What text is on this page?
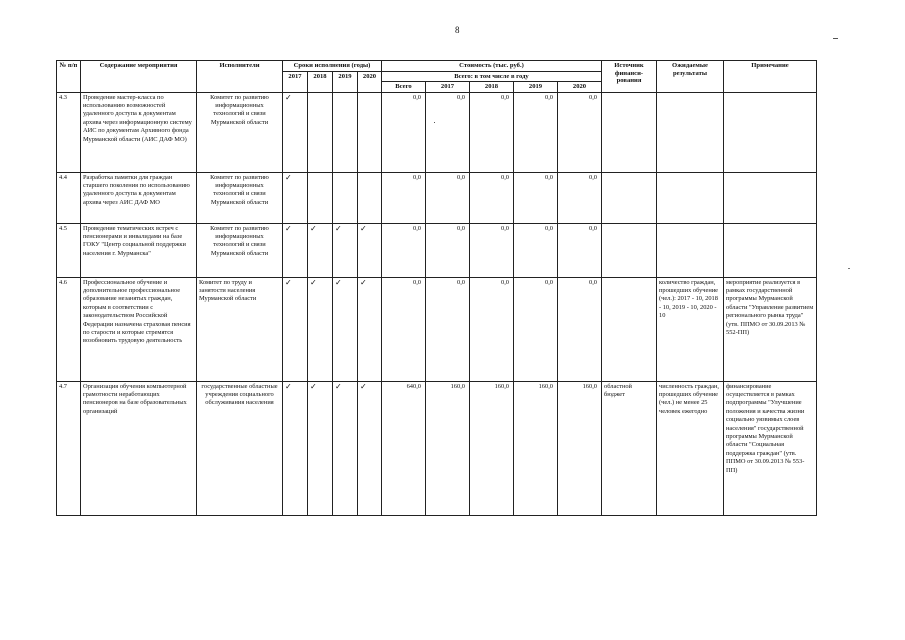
8
№ п/п	Содержание мероприятия	Исполнители	Сроки исполнения (годы)				Стоимость (тыс. руб.)					Источник финанси-рования	Ожидаемые результаты	Примечание
			2017	2018	2019	2020	Всего: в том числе в году							
							Всего	2017	2018	2019	2020			
4.3	Проведение мастер-класса по использованию возможностей удаленного доступа к документам архива через информационную систему АИС по документам Архивного фонда Мурманской области (АИС ДАФ МО)	Комитет по развитию информационных технологий и связи Мурманской области	✓				0,0	0,0	0,0	0,0	0,0			
4.4	Разработка памятки для граждан старшего поколения по использованию удаленного доступа к документам архива через АИС ДАФ МО	Комитет по развитию информационных технологий и связи Мурманской области	✓				0,0	0,0	0,0	0,0	0,0			
4.5	Проведение тематических встреч с пенсионерами и инвалидами на базе ГОКУ "Центр социальной поддержки населения г. Мурманска"	Комитет по развитию информационных технологий и связи Мурманской области	✓	✓	✓	✓	0,0	0,0	0,0	0,0	0,0			
4.6	Профессиональное обучение и дополнительное профессиональное образование незанятых граждан, которым в соответствии с законодательством Российской Федерации назначена страховая пенсия по старости и которые стремятся возобновить трудовую деятельность	Комитет по труду и занятости населения Мурманской области	✓	✓	✓	✓	0,0	0,0	0,0	0,0	0,0		количество граждан, прошедших обучение (чел.): 2017 - 10, 2018 - 10, 2019 - 10, 2020 - 10	мероприятие реализуется в рамках государственной программы Мурманской области "Управление развитием регионального рынка труда" (утв. ППМО от 30.09.2013 № 552-ПП)
4.7	Организация обучения компьютерной грамотности неработающих пенсионеров на базе образовательных организаций	государственные областные учреждения социального обслуживания населения	✓	✓	✓	✓	640,0	160,0	160,0	160,0	160,0	областной бюджет	численность граждан, прошедших обучение (чел.) не менее 25 человек ежегодно	финансирование осуществляется в рамках подпрограммы "Улучшение положения и качества жизни социально уязвимых слоев населения" государственной программы Мурманской области "Социальная поддержка граждан" (утв. ППМО от 30.09.2013 № 553-ПП)
